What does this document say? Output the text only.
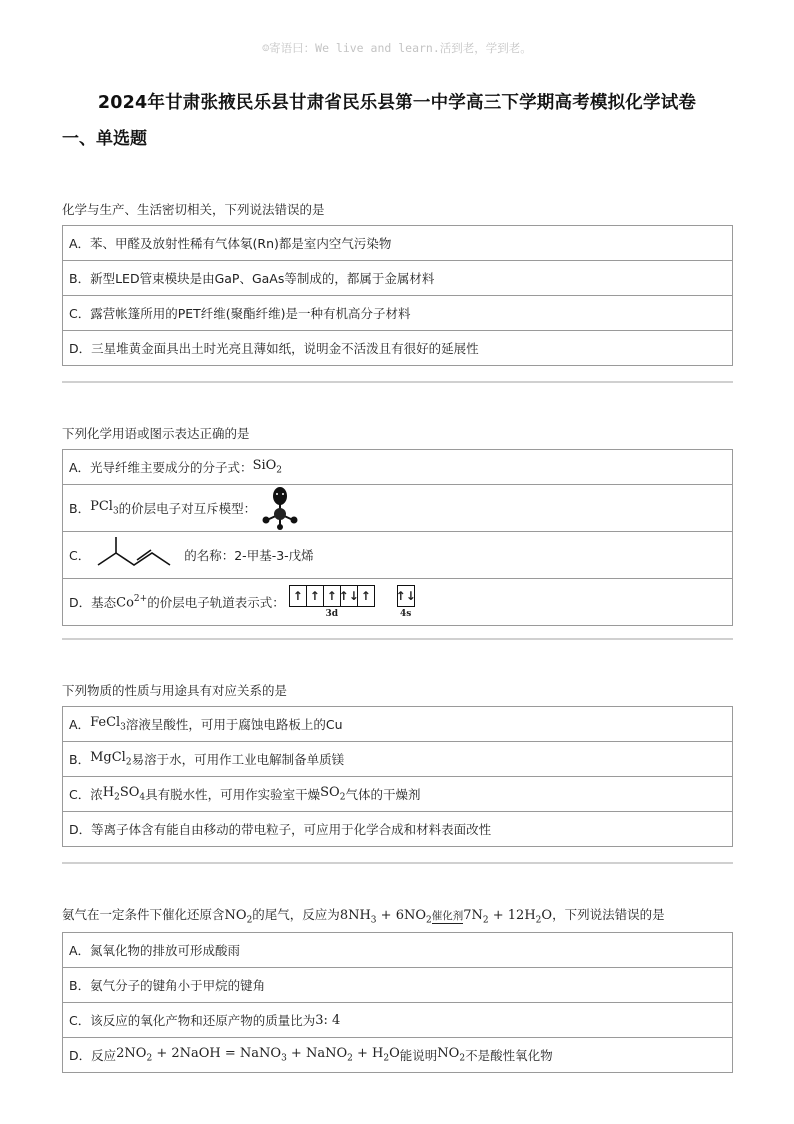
☺寄语曰：We live and learn.活到老，学到老。
2024年甘肃张掖民乐县甘肃省民乐县第一中学高三下学期高考模拟化学试卷
一、单选题
化学与生产、生活密切相关，下列说法错误的是
A．苯、甲醛及放射性稀有气体氡(Rn)都是室内空气污染物
B．新型LED管束模块是由GaP、GaAs等制成的，都属于金属材料
C．露营帐篷所用的PET纤维(聚酯纤维)是一种有机高分子材料
D．三星堆黄金面具出土时光亮且薄如纸，说明金不活泼且有很好的延展性
下列化学用语或图示表达正确的是
A．光导纤维主要成分的分子式： SiO$_2$
B． PCl$_3$ 的价层电子对互斥模型：
C．	的名称：2-甲基-3-戊烯
D．基态 $Co^{2+}$ 的价层电子轨道表示式： ↑ ↑ ↑ ↑↓ ↑
3d
↑↓
4s
下列物质的性质与用途具有对应关系的是
A． FeCl$_3$ 溶液呈酸性，可用于腐蚀电路板上的Cu
B． MgCl$_2$ 易溶于水，可用作工业电解制备单质镁
C．浓 $H_2SO_4$ 具有脱水性，可用作实验室干燥 $SO_2$ 气体的干燥剂
D．等离子体含有能自由移动的带电粒子，可应用于化学合成和材料表面改性
氨气在一定条件下催化还原含$NO_2$的尾气，反应为$8NH_3 + 6NO_2$ 催化剂 $7N_2 + 12H_2O$，下列说法错误的是
A．氮氧化物的排放可形成酸雨
B．氨气分子的键角小于甲烷的键角
C．该反应的氧化产物和还原产物的质量比为 3: 4
D．反应 $2NO_2$ + 2NaOH = NaNO$_3$ + NaNO$_2$ + $H_2O$ 能说明 $NO_2$ 不是酸性氧化物
